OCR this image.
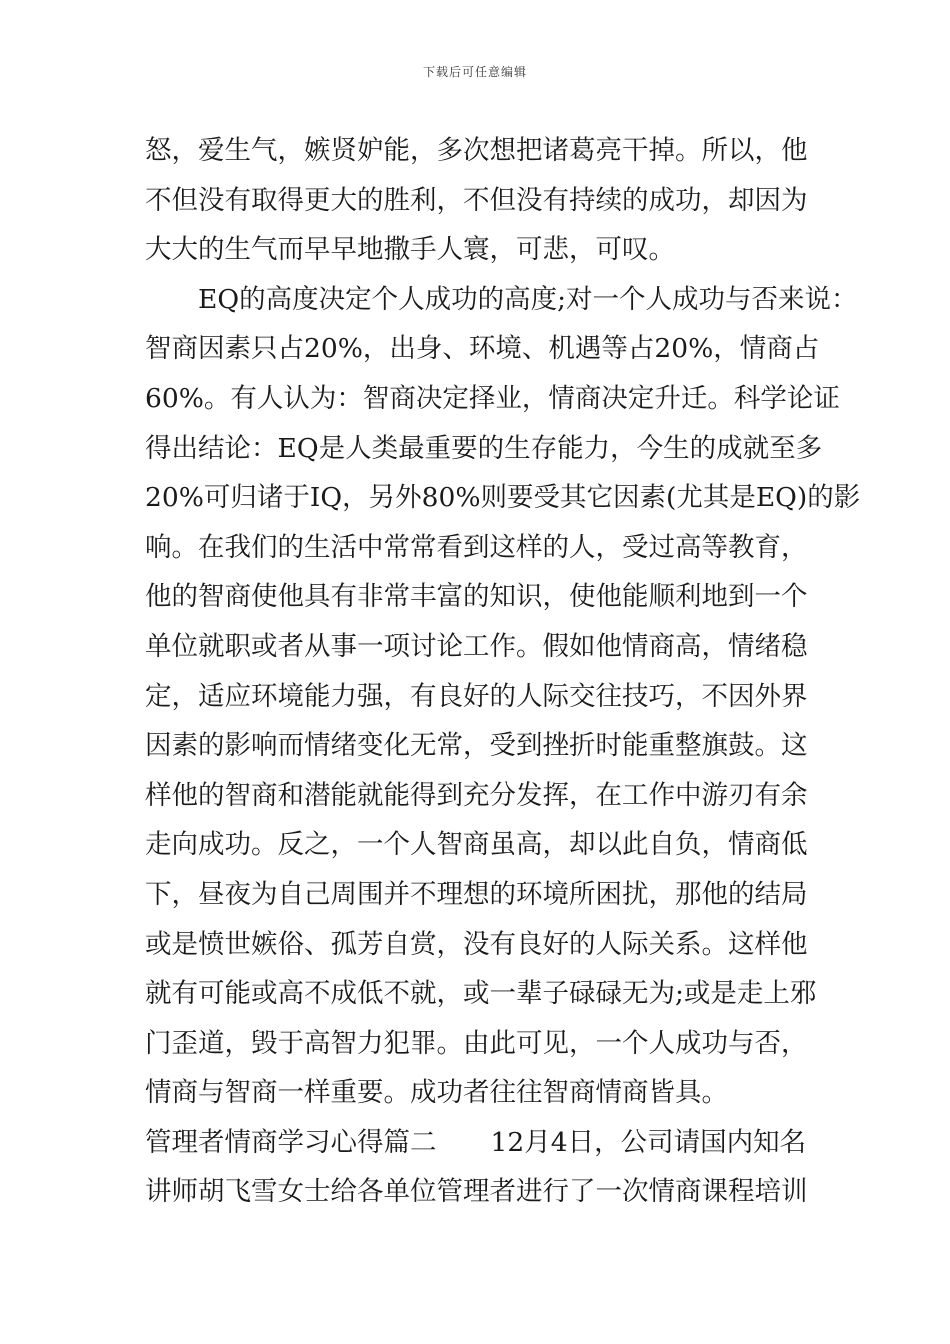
下载后可任意编辑
怒，爱生气，嫉贤妒能，多次想把诸葛亮干掉。所以，他
不但没有取得更大的胜利，不但没有持续的成功，却因为
大大的生气而早早地撒手人寰，可悲，可叹。
EQ的高度决定个人成功的高度;对一个人成功与否来说：
智商因素只占20%，出身、环境、机遇等占20%，情商占
60%。有人认为：智商决定择业，情商决定升迁。科学论证
得出结论：EQ是人类最重要的生存能力，今生的成就至多
20%可归诸于IQ，另外80%则要受其它因素(尤其是EQ)的影
响。在我们的生活中常常看到这样的人，受过高等教育，
他的智商使他具有非常丰富的知识，使他能顺利地到一个
单位就职或者从事一项讨论工作。假如他情商高，情绪稳
定，适应环境能力强，有良好的人际交往技巧，不因外界
因素的影响而情绪变化无常，受到挫折时能重整旗鼓。这
样他的智商和潜能就能得到充分发挥，在工作中游刃有余
走向成功。反之，一个人智商虽高，却以此自负，情商低
下，昼夜为自己周围并不理想的环境所困扰，那他的结局
或是愤世嫉俗、孤芳自赏，没有良好的人际关系。这样他
就有可能或高不成低不就，或一辈子碌碌无为;或是走上邪
门歪道，毁于高智力犯罪。由此可见，一个人成功与否，
情商与智商一样重要。成功者往往智商情商皆具。
管理者情商学习心得篇二 12月4日，公司请国内知名
讲师胡飞雪女士给各单位管理者进行了一次情商课程培训
